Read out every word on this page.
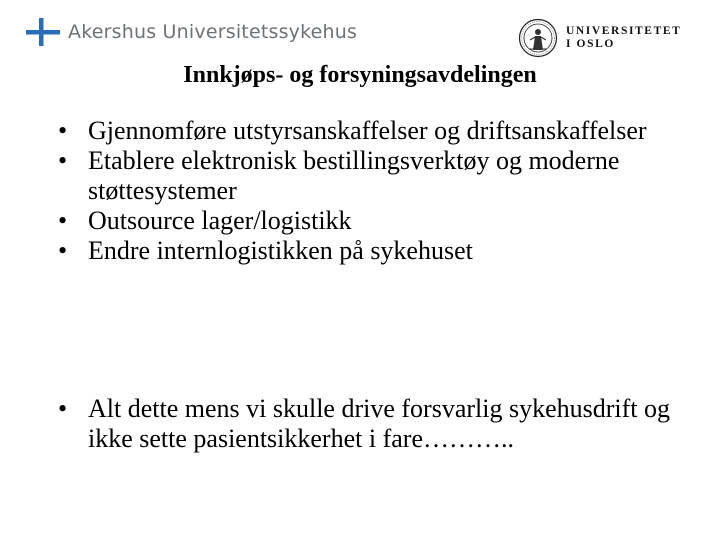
Akershus Universitetssykehus	UNIVERSITETET
I OSLO
Innkjøps- og forsyningsavdelingen
• Gjennomføre utstyrsanskaffelser og driftsanskaffelser
• Etablere elektronisk bestillingsverktøy og moderne støttesystemer
• Outsource lager/logistikk
• Endre internlogistikken på sykehuset
• Alt dette mens vi skulle drive forsvarlig sykehusdrift og ikke sette pasientsikkerhet i fare………..
